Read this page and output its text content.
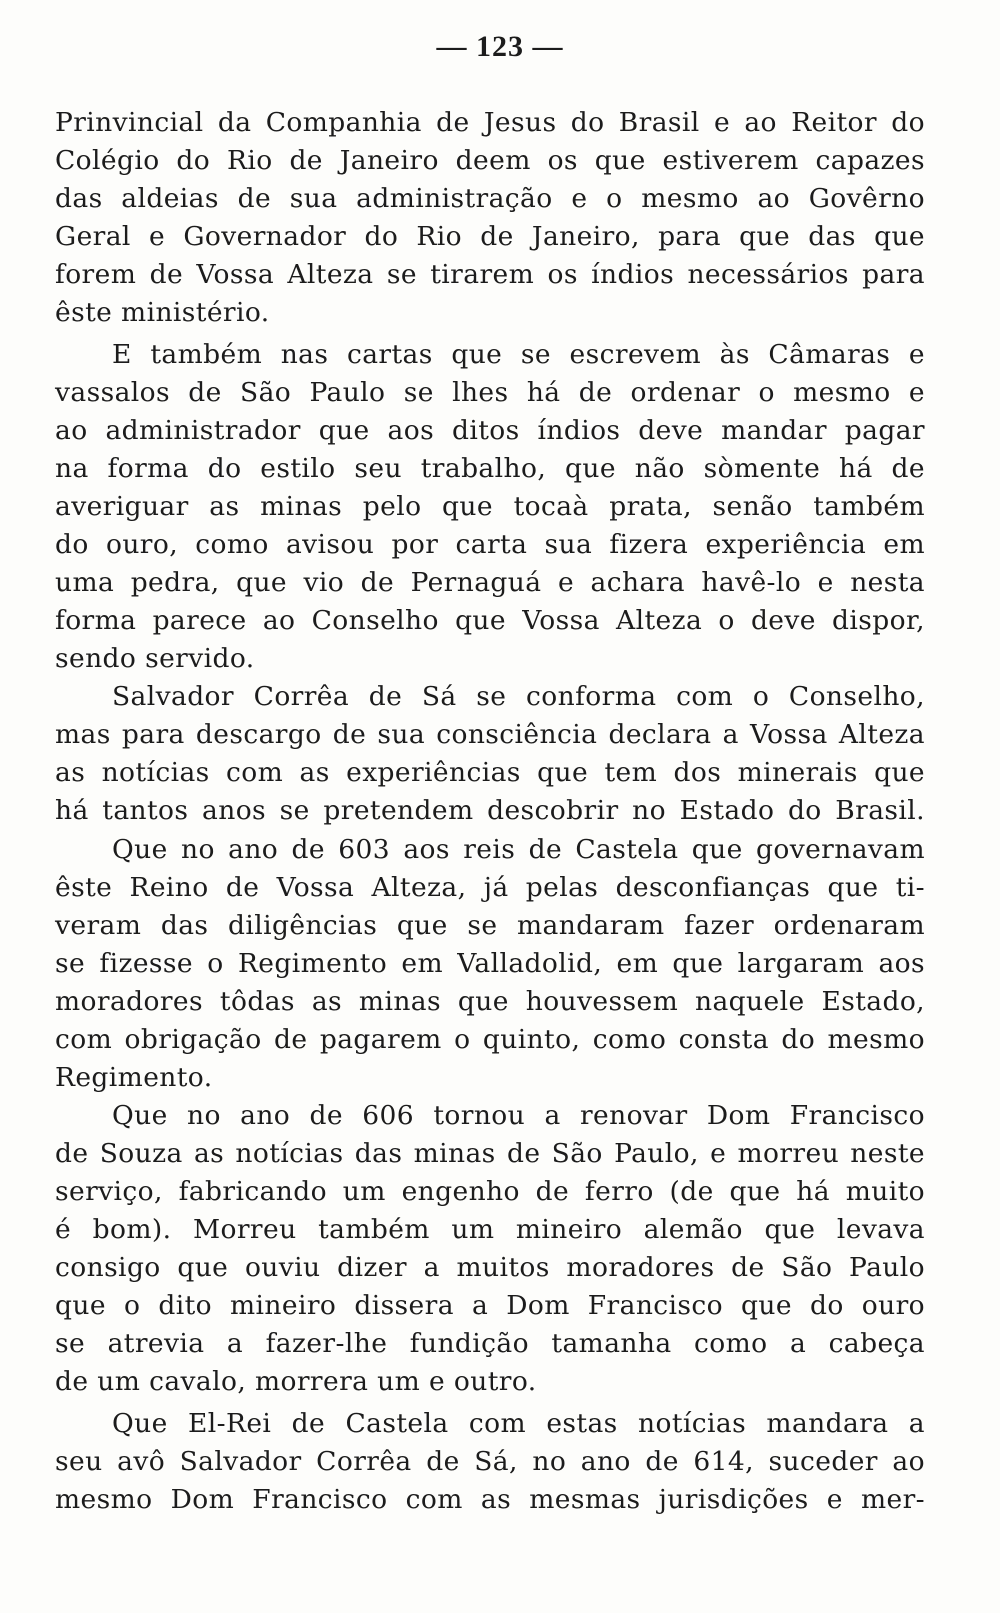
— 123 —
Prinvincial da Companhia de Jesus do Brasil e ao Reitor do
Colégio do Rio de Janeiro deem os que estiverem capazes
das aldeias de sua administração e o mesmo ao Govêrno
Geral e Governador do Rio de Janeiro, para que das que
forem de Vossa Alteza se tirarem os índios necessários para
êste ministério.
E também nas cartas que se escrevem às Câmaras e
vassalos de São Paulo se lhes há de ordenar o mesmo e
ao administrador que aos ditos índios deve mandar pagar
na forma do estilo seu trabalho, que não sòmente há de
averiguar as minas pelo que tocaà prata, senão também
do ouro, como avisou por carta sua fizera experiência em
uma pedra, que vio de Pernaguá e achara havê-lo e nesta
forma parece ao Conselho que Vossa Alteza o deve dispor,
sendo servido.
Salvador Corrêa de Sá se conforma com o Conselho,
mas para descargo de sua consciência declara a Vossa Alteza
as notícias com as experiências que tem dos minerais que
há tantos anos se pretendem descobrir no Estado do Brasil.
Que no ano de 603 aos reis de Castela que governavam
êste Reino de Vossa Alteza, já pelas desconfianças que ti-
veram das diligências que se mandaram fazer ordenaram
se fizesse o Regimento em Valladolid, em que largaram aos
moradores tôdas as minas que houvessem naquele Estado,
com obrigação de pagarem o quinto, como consta do mesmo
Regimento.
Que no ano de 606 tornou a renovar Dom Francisco
de Souza as notícias das minas de São Paulo, e morreu neste
serviço, fabricando um engenho de ferro (de que há muito
é bom). Morreu também um mineiro alemão que levava
consigo que ouviu dizer a muitos moradores de São Paulo
que o dito mineiro dissera a Dom Francisco que do ouro
se atrevia a fazer-lhe fundição tamanha como a cabeça
de um cavalo, morrera um e outro.
Que El-Rei de Castela com estas notícias mandara a
seu avô Salvador Corrêa de Sá, no ano de 614, suceder ao
mesmo Dom Francisco com as mesmas jurisdições e mer-
